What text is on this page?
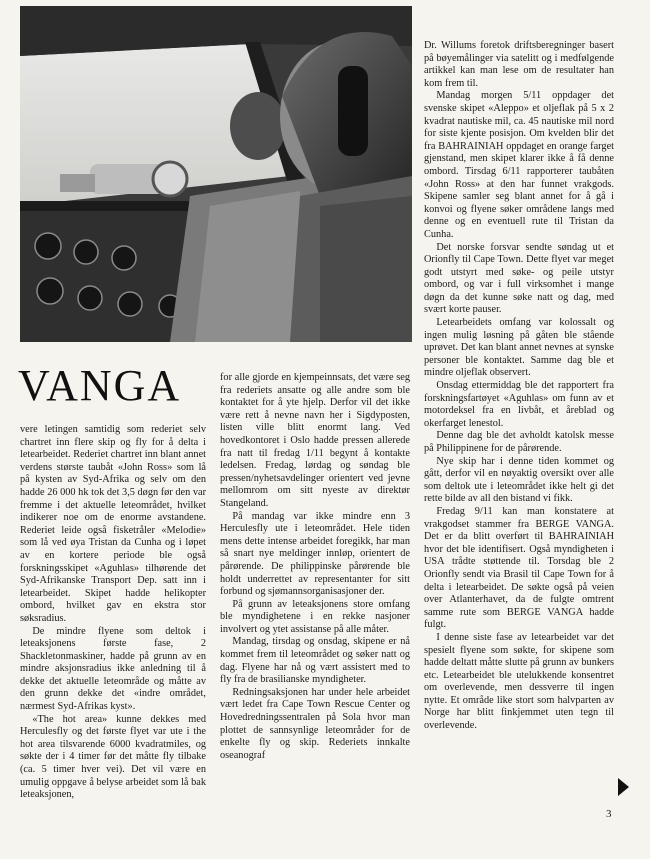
VANGA

vere letingen samtidig som rederiet selv chartret inn flere skip og fly for å delta i letearbeidet. Rederiet chartret inn blant annet verdens største taubåt «John Ross» som lå på kysten av Syd-Afrika og selv om den hadde 26 000 hk tok det 3,5 døgn før den var fremme i det aktuelle leteområdet, hvilket indikerer noe om de enorme avstandene. Rederiet leide også fisketråler «Melodie» som lå ved øya Tristan da Cunha og i løpet av en kortere periode ble også forskningsskipet «Aguhlas» tilhørende det Syd-Afrikanske Transport Dep. satt inn i letearbeidet. Skipet hadde helikopter ombord, hvilket gav en ekstra stor søksradius.

De mindre flyene som deltok i leteaksjonens første fase, 2 Shackletonmaskiner, hadde på grunn av en mindre aksjonsradius ikke anledning til å dekke det aktuelle leteområde og måtte av den grunn dekke det «indre området, nærmest Syd-Afrikas kyst».

«The hot area» kunne dekkes med Herculesfly og det første flyet var ute i the hot area tilsvarende 6000 kvadratmiles, og søkte der i 4 timer før det måtte fly tilbake (ca. 5 timer hver vei). Det vil være en umulig oppgave å belyse arbeidet som lå bak leteaksjonen,

for alle gjorde en kjempeinnsats, det være seg fra rederiets ansatte og alle andre som ble kontaktet for å yte hjelp. Derfor vil det ikke være rett å nevne navn her i Sigdyposten, listen ville blitt enormt lang. Ved hovedkontoret i Oslo hadde pressen allerede fra natt til fredag 1/11 begynt å kontakte ledelsen. Fredag, lørdag og søndag ble pressen/nyhetsavdelinger orientert ved jevne mellomrom om sitt nyeste av direktør Stangeland.

På mandag var ikke mindre enn 3 Herculesfly ute i leteområdet. Hele tiden mens dette intense arbeidet foregikk, har man så snart nye meldinger innløp, orientert de pårørende. De philippinske pårørende ble holdt underrettet av representanter for sitt forbund og sjømannsorganisasjoner der.

På grunn av leteaksjonens store omfang ble myndighetene i en rekke nasjoner involvert og ytet assistanse på alle måter.

Mandag, tirsdag og onsdag, skipene er nå kommet frem til leteområdet og søker natt og dag. Flyene har nå og vært assistert med to fly fra de brasilianske myndigheter.

Redningsaksjonen har under hele arbeidet vært ledet fra Cape Town Rescue Center og Hovedredningssentralen på Sola hvor man plottet de sannsynlige leteområder for de enkelte fly og skip. Rederiets innkalte oseanograf

Dr. Willums foretok driftsberegninger basert på bøyemålinger via satelitt og i medfølgende artikkel kan man lese om de resultater han kom frem til.

Mandag morgen 5/11 oppdager det svenske skipet «Aleppo» et oljeflak på 5 x 2 kvadrat nautiske mil, ca. 45 nautiske mil nord for siste kjente posisjon. Om kvelden blir det fra BAHRAINIAH oppdaget en orange farget gjenstand, men skipet klarer ikke å få denne ombord. Tirsdag 6/11 rapporterer taubåten «John Ross» at den har funnet vrakgods. Skipene samler seg blant annet for å gå i konvoi og flyene søker områdene langs med denne og en eventuell rute til Tristan da Cunha.

Det norske forsvar sendte søndag ut et Orionfly til Cape Town. Dette flyet var meget godt utstyrt med søke- og peile utstyr ombord, og var i full virksomhet i mange døgn da det kunne søke natt og dag, med svært korte pauser.

Letearbeidets omfang var kolossalt og ingen mulig løsning på gåten ble stående uprøvet. Det kan blant annet nevnes at synske personer ble kontaktet. Samme dag ble et mindre oljeflak observert.

Onsdag ettermiddag ble det rapportert fra forskningsfartøyet «Aguhlas» om funn av et motordeksel fra en livbåt, et åreblad og okerfarget lenestol.

Denne dag ble det avholdt katolsk messe på Philippinene for de pårørende.

Nye skip har i denne tiden kommet og gått, derfor vil en nøyaktig oversikt over alle som deltok ute i leteområdet ikke helt gi det rette bilde av all den bistand vi fikk.

Fredag 9/11 kan man konstatere at vrakgodset stammer fra BERGE VANGA. Det er da blitt overført til BAHRAINIAH hvor det ble identifisert. Også myndigheten i USA trådte støttende til. Torsdag ble 2 Orionfly sendt via Brasil til Cape Town for å delta i letearbeidet. De søkte også på veien over Atlanterhavet, da de fulgte omtrent samme rute som BERGE VANGA hadde fulgt.

I denne siste fase av letearbeidet var det spesielt flyene som søkte, for skipene som hadde deltatt måtte slutte på grunn av bunkers etc. Letearbeidet ble utelukkende konsentret om overlevende, men dessverre til ingen nytte. Et område like stort som halvparten av Norge har blitt finkjemmet uten tegn til overlevende.

3
